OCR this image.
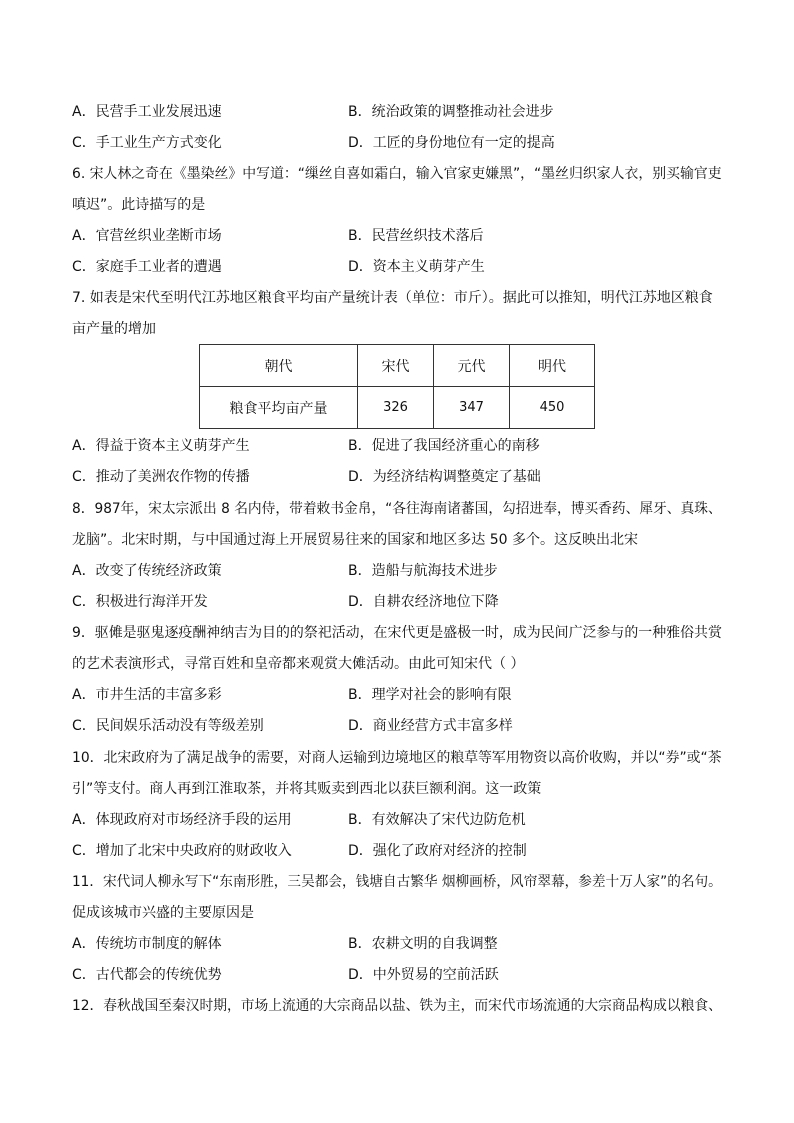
A．民营手工业发展迅速	B．统治政策的调整推动社会进步
C．手工业生产方式变化	D．工匠的身份地位有一定的提高
6. 宋人林之奇在《墨染丝》中写道：“缫丝自喜如霜白，输入官家吏嫌黑”，“墨丝归织家人衣，别买输官吏
嗔迟”。此诗描写的是
A．官营丝织业垄断市场	B．民营丝织技术落后
C．家庭手工业者的遭遇	D．资本主义萌芽产生
7. 如表是宋代至明代江苏地区粮食平均亩产量统计表（单位：市斤）。据此可以推知，明代江苏地区粮食
亩产量的增加
朝代	宋代	元代	明代
粮食平均亩产量	326	347	450
A．得益于资本主义萌芽产生	B．促进了我国经济重心的南移
C．推动了美洲农作物的传播	D．为经济结构调整奠定了基础
8．987年，宋太宗派出 8 名内侍，带着敕书金帛，“各往海南诸蕃国，勾招进奉，博买香药、犀牙、真珠、
龙脑”。北宋时期，与中国通过海上开展贸易往来的国家和地区多达 50 多个。这反映出北宋
A．改变了传统经济政策	B．造船与航海技术进步
C．积极进行海洋开发	D．自耕农经济地位下降
9．驱傩是驱鬼逐疫酬神纳吉为目的的祭祀活动，在宋代更是盛极一时，成为民间广泛参与的一种雅俗共赏
的艺术表演形式，寻常百姓和皇帝都来观赏大傩活动。由此可知宋代（ ）
A．市井生活的丰富多彩	B．理学对社会的影响有限
C．民间娱乐活动没有等级差别	D．商业经营方式丰富多样
10．北宋政府为了满足战争的需要，对商人运输到边境地区的粮草等军用物资以高价收购，并以“券”或“茶
引”等支付。商人再到江淮取茶，并将其贩卖到西北以获巨额利润。这一政策
A．体现政府对市场经济手段的运用	B．有效解决了宋代边防危机
C．增加了北宋中央政府的财政收入	D．强化了政府对经济的控制
11．宋代词人柳永写下“东南形胜，三吴都会，钱塘自古繁华 烟柳画桥，风帘翠幕，参差十万人家”的名句。
促成该城市兴盛的主要原因是
A．传统坊市制度的解体	B．农耕文明的自我调整
C．古代都会的传统优势	D．中外贸易的空前活跃
12．春秋战国至秦汉时期，市场上流通的大宗商品以盐、铁为主，而宋代市场流通的大宗商品构成以粮食、
